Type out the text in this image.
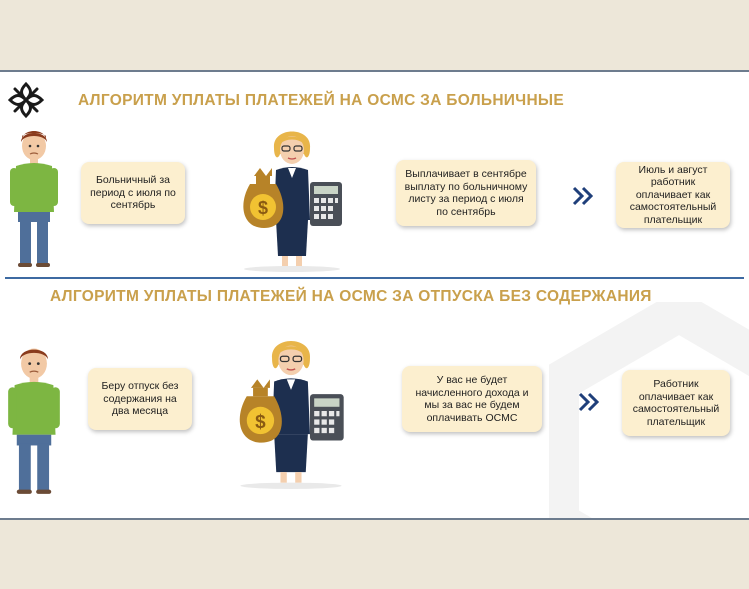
АЛГОРИТМ УПЛАТЫ ПЛАТЕЖЕЙ НА ОСМС ЗА БОЛЬНИЧНЫЕ
Больничный за период с июля по сентябрь	$
Выплачивает в сентябре выплату по больничному листу за период с июля по сентябрь
Июль и август работник оплачивает как самостоятельный плательщик
АЛГОРИТМ УПЛАТЫ ПЛАТЕЖЕЙ НА ОСМС ЗА ОТПУСКА БЕЗ СОДЕРЖАНИЯ
Беру отпуск без содержания на два месяца
$
У вас не будет начисленного дохода и мы за вас не будем оплачивать ОСМС
Работник оплачивает как самостоятельный плательщик
